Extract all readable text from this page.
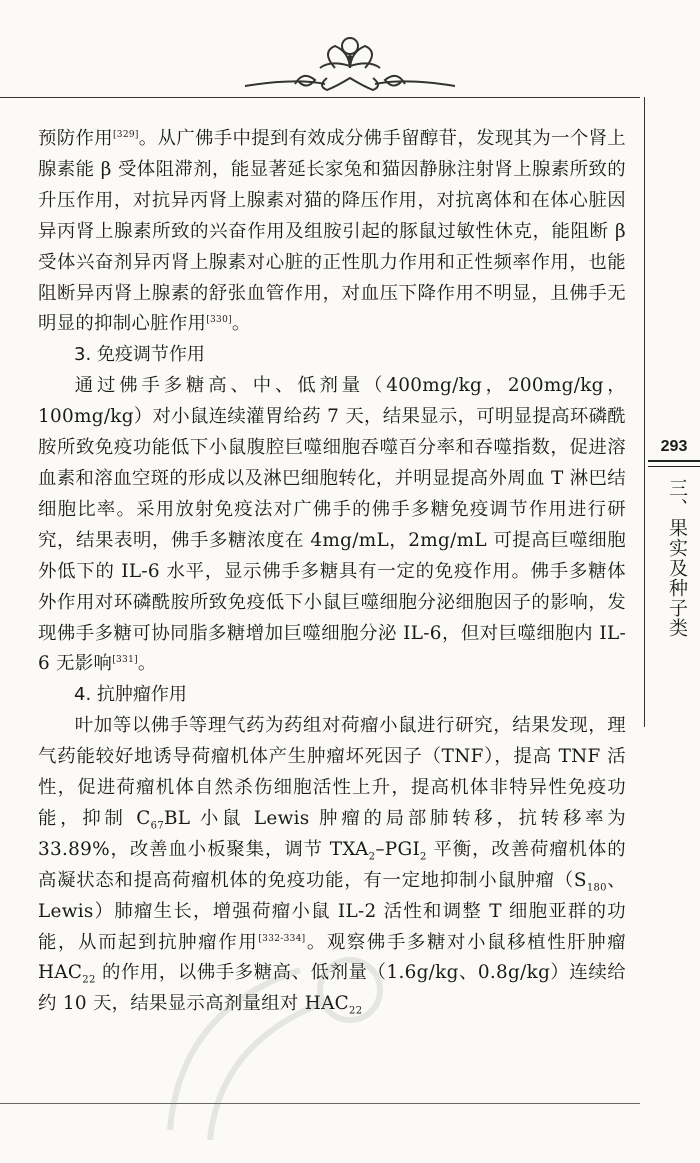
293
三、果实及种子类

预防作用[329]。从广佛手中提到有效成分佛手留醇苷，发现其为一个肾上腺素能 β 受体阻滞剂，能显著延长家兔和猫因静脉注射肾上腺素所致的升压作用，对抗异丙肾上腺素对猫的降压作用，对抗离体和在体心脏因异丙肾上腺素所致的兴奋作用及组胺引起的豚鼠过敏性休克，能阻断 β 受体兴奋剂异丙肾上腺素对心脏的正性肌力作用和正性频率作用，也能阻断异丙肾上腺素的舒张血管作用，对血压下降作用不明显，且佛手无明显的抑制心脏作用[330]。

3. 免疫调节作用

通过佛手多糖高、中、低剂量（400mg/kg，200mg/kg，100mg/kg）对小鼠连续灌胃给药 7 天，结果显示，可明显提高环磷酰胺所致免疫功能低下小鼠腹腔巨噬细胞吞噬百分率和吞噬指数，促进溶血素和溶血空斑的形成以及淋巴细胞转化，并明显提高外周血 T 淋巴结细胞比率。采用放射免疫法对广佛手的佛手多糖免疫调节作用进行研究，结果表明，佛手多糖浓度在 4mg/mL，2mg/mL 可提高巨噬细胞外低下的 IL-6 水平，显示佛手多糖具有一定的免疫作用。佛手多糖体外作用对环磷酰胺所致免疫低下小鼠巨噬细胞分泌细胞因子的影响，发现佛手多糖可协同脂多糖增加巨噬细胞分泌 IL-6，但对巨噬细胞内 IL-6 无影响[331]。

4. 抗肿瘤作用

叶加等以佛手等理气药为药组对荷瘤小鼠进行研究，结果发现，理气药能较好地诱导荷瘤机体产生肿瘤坏死因子（TNF），提高 TNF 活性，促进荷瘤机体自然杀伤细胞活性上升，提高机体非特异性免疫功能，抑制 $C_{67}BL$ 小鼠 Lewis 肿瘤的局部肺转移，抗转移率为 33.89%，改善血小板聚集，调节 $TXA_2-PGI_2$ 平衡，改善荷瘤机体的高凝状态和提高荷瘤机体的免疫功能，有一定地抑制小鼠肿瘤（$S_{180}$、Lewis）肺瘤生长，增强荷瘤小鼠 IL-2 活性和调整 T 细胞亚群的功能，从而起到抗肿瘤作用[332-334]。观察佛手多糖对小鼠移植性肝肿瘤 $HAC_{22}$ 的作用，以佛手多糖高、低剂量（1.6g/kg、0.8g/kg）连续给约 10 天，结果显示高剂量组对 $HAC_{22}$
